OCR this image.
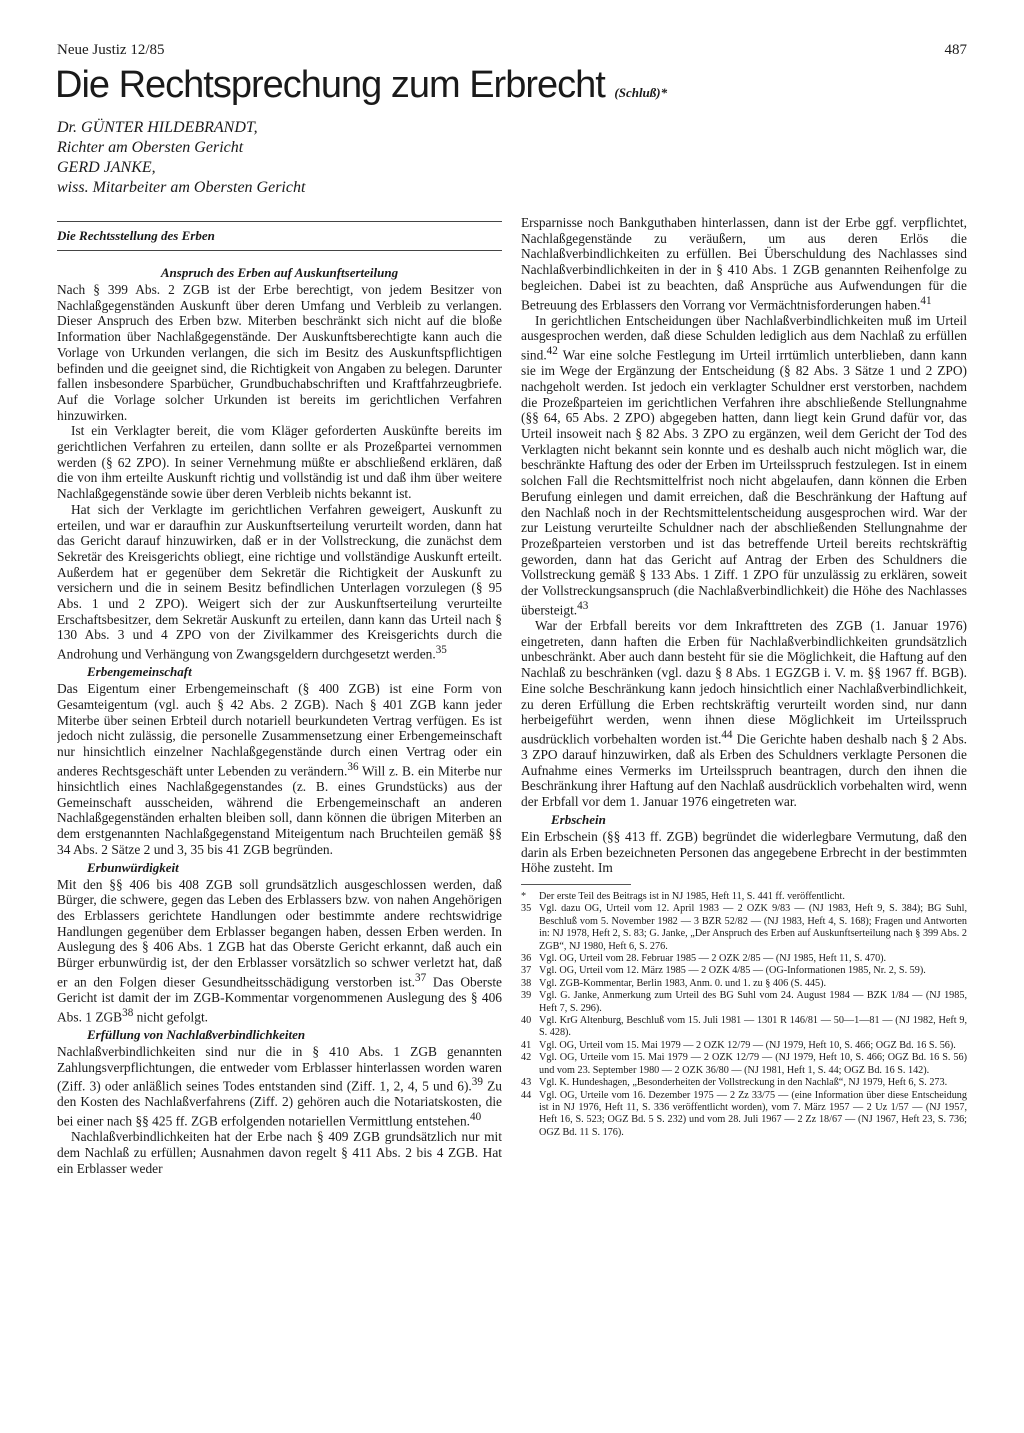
Neue Justiz 12/85	487
Die Rechtsprechung zum Erbrecht (Schluß)*
Dr. GÜNTER HILDEBRANDT,
Richter am Obersten Gericht
GERD JANKE,
wiss. Mitarbeiter am Obersten Gericht
Die Rechtsstellung des Erben
Anspruch des Erben auf Auskunftserteilung

Nach § 399 Abs. 2 ZGB ist der Erbe berechtigt, von jedem Besitzer von Nachlaßgegenständen Auskunft über deren Umfang und Verbleib zu verlangen. Dieser Anspruch des Erben bzw. Miterben beschränkt sich nicht auf die bloße Information über Nachlaßgegenstände. Der Auskunftsberechtigte kann auch die Vorlage von Urkunden verlangen, die sich im Besitz des Auskunftspflichtigen befinden und die geeignet sind, die Richtigkeit von Angaben zu belegen. Darunter fallen insbesondere Sparbücher, Grundbuchabschriften und Kraftfahrzeugbriefe. Auf die Vorlage solcher Urkunden ist bereits im gerichtlichen Verfahren hinzuwirken.

Ist ein Verklagter bereit, die vom Kläger geforderten Auskünfte bereits im gerichtlichen Verfahren zu erteilen, dann sollte er als Prozeßpartei vernommen werden (§ 62 ZPO). In seiner Vernehmung müßte er abschließend erklären, daß die von ihm erteilte Auskunft richtig und vollständig ist und daß ihm über weitere Nachlaßgegenstände sowie über deren Verbleib nichts bekannt ist.

Hat sich der Verklagte im gerichtlichen Verfahren geweigert, Auskunft zu erteilen, und war er daraufhin zur Auskunftserteilung verurteilt worden, dann hat das Gericht darauf hinzuwirken, daß er in der Vollstreckung, die zunächst dem Sekretär des Kreisgerichts obliegt, eine richtige und vollständige Auskunft erteilt. Außerdem hat er gegenüber dem Sekretär die Richtigkeit der Auskunft zu versichern und die in seinem Besitz befindlichen Unterlagen vorzulegen (§ 95 Abs. 1 und 2 ZPO). Weigert sich der zur Auskunftserteilung verurteilte Erschaftsbesitzer, dem Sekretär Auskunft zu erteilen, dann kann das Urteil nach § 130 Abs. 3 und 4 ZPO von der Zivilkammer des Kreisgerichts durch die Androhung und Verhängung von Zwangsgeldern durchgesetzt werden.$^{35}$

Erbengemeinschaft

Das Eigentum einer Erbengemeinschaft (§ 400 ZGB) ist eine Form von Gesamteigentum (vgl. auch § 42 Abs. 2 ZGB). Nach § 401 ZGB kann jeder Miterbe über seinen Erbteil durch notariell beurkundeten Vertrag verfügen. Es ist jedoch nicht zulässig, die personelle Zusammensetzung einer Erbengemeinschaft nur hinsichtlich einzelner Nachlaßgegenstände durch einen Vertrag oder ein anderes Rechtsgeschäft unter Lebenden zu verändern.$^{36}$ Will z. B. ein Miterbe nur hinsichtlich eines Nachlaßgegenstandes (z. B. eines Grundstücks) aus der Gemeinschaft ausscheiden, während die Erbengemeinschaft an anderen Nachlaßgegenständen erhalten bleiben soll, dann können die übrigen Miterben an dem erstgenannten Nachlaßgegenstand Miteigentum nach Bruchteilen gemäß §§ 34 Abs. 2 Sätze 2 und 3, 35 bis 41 ZGB begründen.

Erbunwürdigkeit

Mit den §§ 406 bis 408 ZGB soll grundsätzlich ausgeschlossen werden, daß Bürger, die schwere, gegen das Leben des Erblassers bzw. von nahen Angehörigen des Erblassers gerichtete Handlungen oder bestimmte andere rechtswidrige Handlungen gegenüber dem Erblasser begangen haben, dessen Erben werden. In Auslegung des § 406 Abs. 1 ZGB hat das Oberste Gericht erkannt, daß auch ein Bürger erbunwürdig ist, der den Erblasser vorsätzlich so schwer verletzt hat, daß er an den Folgen dieser Gesundheitsschädigung verstorben ist.$^{37}$ Das Oberste Gericht ist damit der im ZGB-Kommentar vorgenommenen Auslegung des § 406 Abs. 1 ZGB$^{38}$ nicht gefolgt.

Erfüllung von Nachlaßverbindlichkeiten

Nachlaßverbindlichkeiten sind nur die in § 410 Abs. 1 ZGB genannten Zahlungsverpflichtungen, die entweder vom Erblasser hinterlassen worden waren (Ziff. 3) oder anläßlich seines Todes entstanden sind (Ziff. 1, 2, 4, 5 und 6).$^{39}$ Zu den Kosten des Nachlaßverfahrens (Ziff. 2) gehören auch die Notariatskosten, die bei einer nach §§ 425 ff. ZGB erfolgenden notariellen Vermittlung entstehen.$^{40}$

Nachlaßverbindlichkeiten hat der Erbe nach § 409 ZGB grundsätzlich nur mit dem Nachlaß zu erfüllen; Ausnahmen davon regelt § 411 Abs. 2 bis 4 ZGB. Hat ein Erblasser weder

Ersparnisse noch Bankguthaben hinterlassen, dann ist der Erbe ggf. verpflichtet, Nachlaßgegenstände zu veräußern, um aus deren Erlös die Nachlaßverbindlichkeiten zu erfüllen. Bei Überschuldung des Nachlasses sind Nachlaßverbindlichkeiten in der in § 410 Abs. 1 ZGB genannten Reihenfolge zu begleichen. Dabei ist zu beachten, daß Ansprüche aus Aufwendungen für die Betreuung des Erblassers den Vorrang vor Vermächtnisforderungen haben.$^{41}$

In gerichtlichen Entscheidungen über Nachlaßverbindlichkeiten muß im Urteil ausgesprochen werden, daß diese Schulden lediglich aus dem Nachlaß zu erfüllen sind.$^{42}$ War eine solche Festlegung im Urteil irrtümlich unterblieben, dann kann sie im Wege der Ergänzung der Entscheidung (§ 82 Abs. 3 Sätze 1 und 2 ZPO) nachgeholt werden. Ist jedoch ein verklagter Schuldner erst verstorben, nachdem die Prozeßparteien im gerichtlichen Verfahren ihre abschließende Stellungnahme (§§ 64, 65 Abs. 2 ZPO) abgegeben hatten, dann liegt kein Grund dafür vor, das Urteil insoweit nach § 82 Abs. 3 ZPO zu ergänzen, weil dem Gericht der Tod des Verklagten nicht bekannt sein konnte und es deshalb auch nicht möglich war, die beschränkte Haftung des oder der Erben im Urteilsspruch festzulegen. Ist in einem solchen Fall die Rechtsmittelfrist noch nicht abgelaufen, dann können die Erben Berufung einlegen und damit erreichen, daß die Beschränkung der Haftung auf den Nachlaß noch in der Rechtsmittelentscheidung ausgesprochen wird. War der zur Leistung verurteilte Schuldner nach der abschließenden Stellungnahme der Prozeßparteien verstorben und ist das betreffende Urteil bereits rechtskräftig geworden, dann hat das Gericht auf Antrag der Erben des Schuldners die Vollstreckung gemäß § 133 Abs. 1 Ziff. 1 ZPO für unzulässig zu erklären, soweit der Vollstreckungsanspruch (die Nachlaßverbindlichkeit) die Höhe des Nachlasses übersteigt.$^{43}$

War der Erbfall bereits vor dem Inkrafttreten des ZGB (1. Januar 1976) eingetreten, dann haften die Erben für Nachlaßverbindlichkeiten grundsätzlich unbeschränkt. Aber auch dann besteht für sie die Möglichkeit, die Haftung auf den Nachlaß zu beschränken (vgl. dazu § 8 Abs. 1 EGZGB i. V. m. §§ 1967 ff. BGB). Eine solche Beschränkung kann jedoch hinsichtlich einer Nachlaßverbindlichkeit, zu deren Erfüllung die Erben rechtskräftig verurteilt worden sind, nur dann herbeigeführt werden, wenn ihnen diese Möglichkeit im Urteilsspruch ausdrücklich vorbehalten worden ist.$^{44}$ Die Gerichte haben deshalb nach § 2 Abs. 3 ZPO darauf hinzuwirken, daß als Erben des Schuldners verklagte Personen die Aufnahme eines Vermerks im Urteilsspruch beantragen, durch den ihnen die Beschränkung ihrer Haftung auf den Nachlaß ausdrücklich vorbehalten wird, wenn der Erbfall vor dem 1. Januar 1976 eingetreten war.

Erbschein

Ein Erbschein (§§ 413 ff. ZGB) begründet die widerlegbare Vermutung, daß den darin als Erben bezeichneten Personen das angegebene Erbrecht in der bestimmten Höhe zusteht. Im

*	Der erste Teil des Beitrags ist in NJ 1985, Heft 11, S. 441 ff. veröffentlicht.
35 Vgl. dazu OG, Urteil vom 12. April 1983 — 2 OZK 9/83 — (NJ 1983, Heft 9, S. 384); BG Suhl, Beschluß vom 5. November 1982 — 3 BZR 52/82 — (NJ 1983, Heft 4, S. 168); Fragen und Antworten in: NJ 1978, Heft 2, S. 83; G. Janke, „Der Anspruch des Erben auf Auskunftserteilung nach § 399 Abs. 2 ZGB“, NJ 1980, Heft 6, S. 276.
36 Vgl. OG, Urteil vom 28. Februar 1985 — 2 OZK 2/85 — (NJ 1985, Heft 11, S. 470).
37 Vgl. OG, Urteil vom 12. März 1985 — 2 OZK 4/85 — (OG-Informationen 1985, Nr. 2, S. 59).
38 Vgl. ZGB-Kommentar, Berlin 1983, Anm. 0. und 1. zu § 406 (S. 445).
39 Vgl. G. Janke, Anmerkung zum Urteil des BG Suhl vom 24. August 1984 — BZK 1/84 — (NJ 1985, Heft 7, S. 296).
40 Vgl. KrG Altenburg, Beschluß vom 15. Juli 1981 — 1301 R 146/81 — 50—1—81 — (NJ 1982, Heft 9, S. 428).
41 Vgl. OG, Urteil vom 15. Mai 1979 — 2 OZK 12/79 — (NJ 1979, Heft 10, S. 466; OGZ Bd. 16 S. 56).
42 Vgl. OG, Urteile vom 15. Mai 1979 — 2 OZK 12/79 — (NJ 1979, Heft 10, S. 466; OGZ Bd. 16 S. 56) und vom 23. September 1980 — 2 OZK 36/80 — (NJ 1981, Heft 1, S. 44; OGZ Bd. 16 S. 142).
43 Vgl. K. Hundeshagen, „Besonderheiten der Vollstreckung in den Nachlaß“, NJ 1979, Heft 6, S. 273.
44 Vgl. OG, Urteile vom 16. Dezember 1975 — 2 Zz 33/75 — (eine Information über diese Entscheidung ist in NJ 1976, Heft 11, S. 336 veröffentlicht worden), vom 7. März 1957 — 2 Uz 1/57 — (NJ 1957, Heft 16, S. 523; OGZ Bd. 5 S. 232) und vom 28. Juli 1967 — 2 Zz 18/67 — (NJ 1967, Heft 23, S. 736; OGZ Bd. 11 S. 176).
